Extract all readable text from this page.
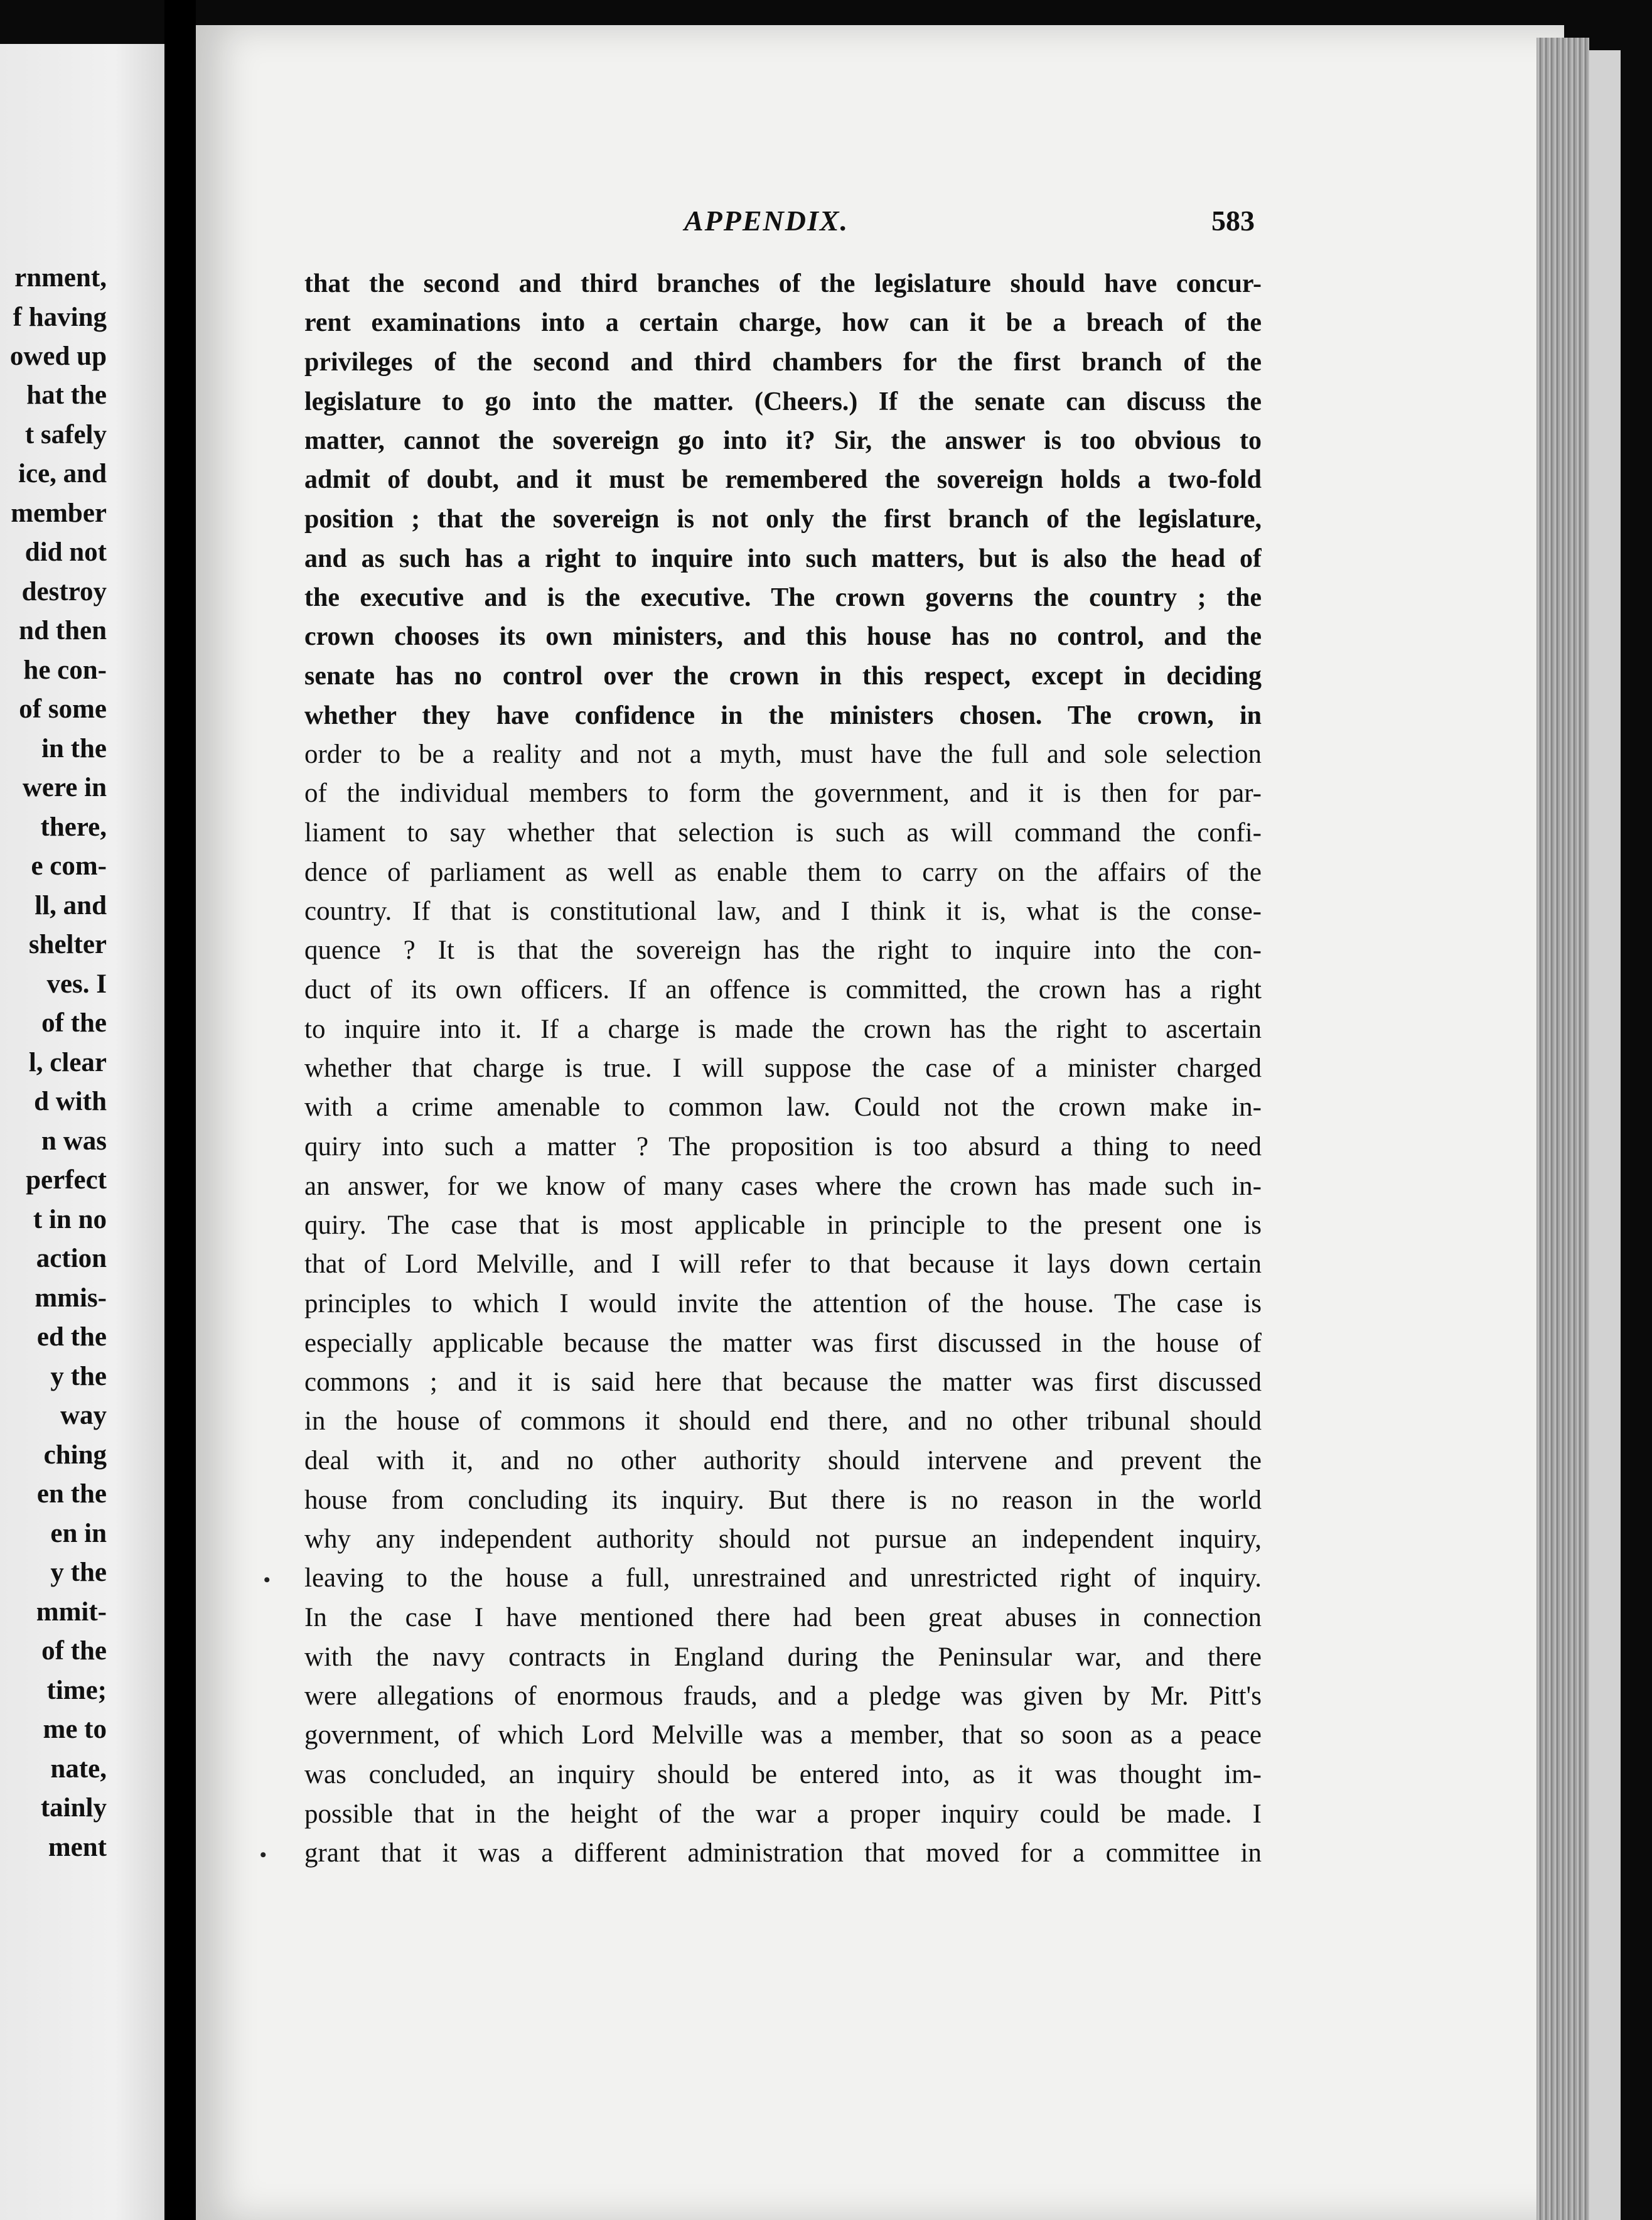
rnment,
f having
owed up
hat the
t safely
ice, and
member
did not
destroy
nd then
he con-
of some
in the
were in
there,
e com-
ll, and
shelter
ves. I
of the
l, clear
d with
n was
perfect
t in no
action
mmis-
ed the
y the
way
ching
en the
en in
y the
mmit-
of the
time;
me to
nate,
tainly
ment
APPENDIX.	583
that the second and third branches of the legislature should have concur-
rent examinations into a certain charge, how can it be a breach of the
privileges of the second and third chambers for the first branch of the
legislature to go into the matter. (Cheers.) If the senate can discuss the
matter, cannot the sovereign go into it? Sir, the answer is too obvious to
admit of doubt, and it must be remembered the sovereign holds a two-fold
position ; that the sovereign is not only the first branch of the legislature,
and as such has a right to inquire into such matters, but is also the head of
the executive and is the executive. The crown governs the country ; the
crown chooses its own ministers, and this house has no control, and the
senate has no control over the crown in this respect, except in deciding
whether they have confidence in the ministers chosen. The crown, in
order to be a reality and not a myth, must have the full and sole selection
of the individual members to form the government, and it is then for par-
liament to say whether that selection is such as will command the confi-
dence of parliament as well as enable them to carry on the affairs of the
country. If that is constitutional law, and I think it is, what is the conse-
quence ? It is that the sovereign has the right to inquire into the con-
duct of its own officers. If an offence is committed, the crown has a right
to inquire into it. If a charge is made the crown has the right to ascertain
whether that charge is true. I will suppose the case of a minister charged
with a crime amenable to common law. Could not the crown make in-
quiry into such a matter ? The proposition is too absurd a thing to need
an answer, for we know of many cases where the crown has made such in-
quiry. The case that is most applicable in principle to the present one is
that of Lord Melville, and I will refer to that because it lays down certain
principles to which I would invite the attention of the house. The case is
especially applicable because the matter was first discussed in the house of
commons ; and it is said here that because the matter was first discussed
in the house of commons it should end there, and no other tribunal should
deal with it, and no other authority should intervene and prevent the
house from concluding its inquiry. But there is no reason in the world
why any independent authority should not pursue an independent inquiry,
leaving to the house a full, unrestrained and unrestricted right of inquiry.
In the case I have mentioned there had been great abuses in connection
with the navy contracts in England during the Peninsular war, and there
were allegations of enormous frauds, and a pledge was given by Mr. Pitt's
government, of which Lord Melville was a member, that so soon as a peace
was concluded, an inquiry should be entered into, as it was thought im-
possible that in the height of the war a proper inquiry could be made. I
grant that it was a different administration that moved for a committee in
•
•
